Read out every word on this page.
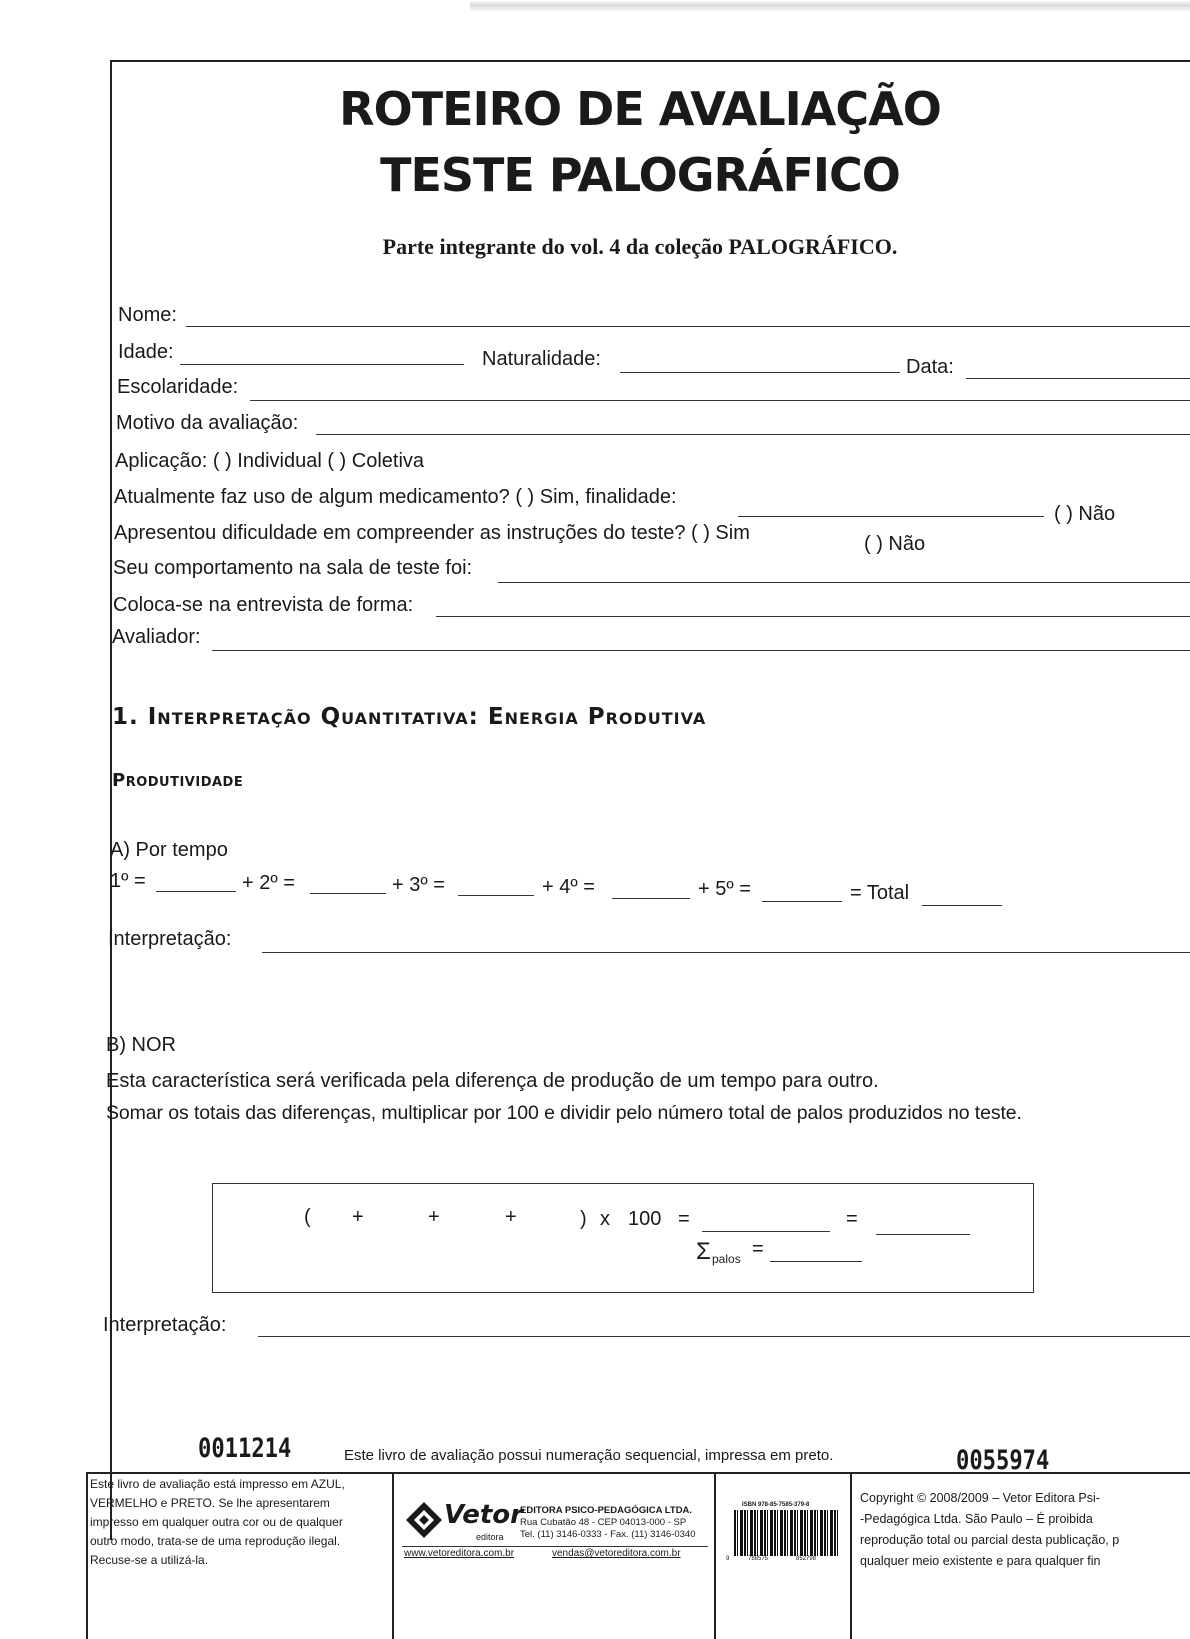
ROTEIRO DE AVALIAÇÃO
TESTE PALOGRÁFICO
Parte integrante do vol. 4 da coleção PALOGRÁFICO.
Nome:
Idade:	Naturalidade:	Data:
Escolaridade:
Motivo da avaliação:
Aplicação: ( ) Individual ( ) Coletiva
Atualmente faz uso de algum medicamento? ( ) Sim, finalidade:
( ) Não
Apresentou dificuldade em compreender as instruções do teste? ( ) Sim	( ) Não
Seu comportamento na sala de teste foi:
Coloca-se na entrevista de forma:
Avaliador:
1. Interpretação Quantitativa: Energia Produtiva
Produtividade
A) Por tempo
1º =	+ 2º =	+ 3º =	+ 4º =	+ 5º =	= Total
Interpretação:
B) NOR
Esta característica será verificada pela diferença de produção de um tempo para outro.
Somar os totais das diferenças, multiplicar por 100 e dividir pelo número total de palos produzidos no teste.
( +	+	+	) x 100 =	=
Σ palos =
Interpretação:
0011214	Este livro de avaliação possui numeração sequencial, impressa em preto.	0055974
Este livro de avaliação está impresso em AZUL,
VERMELHO e PRETO. Se lhe apresentarem
impresso em qualquer outra cor ou de qualquer
outro modo, trata-se de uma reprodução ilegal.
Recuse-se a utilizá-la.
Vetor
editora
EDITORA PSICO-PEDAGÓGICA LTDA.
Rua Cubatão 48 - CEP 04013-000 - SP
Tel. (11) 3146-0333 - Fax. (11) 3146-0340
www.vetoreditora.com.br	vendas@vetoreditora.com.br
ISBN 978-85-7585-379-8
9	788575	852798
Copyright © 2008/2009 – Vetor Editora Psi-
-Pedagógica Ltda. São Paulo – É proibida
reprodução total ou parcial desta publicação, p
qualquer meio existente e para qualquer fin
